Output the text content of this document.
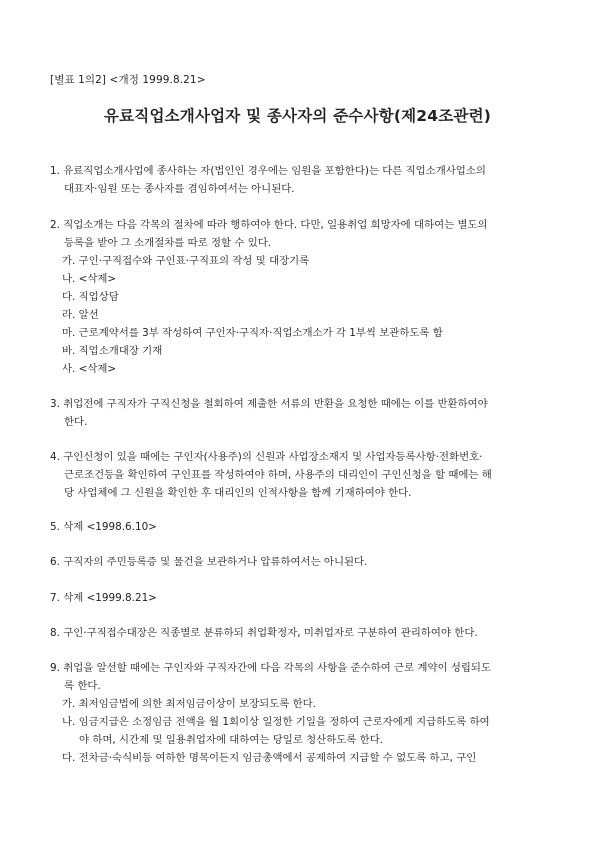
[별표 1의2] <개정 1999.8.21>
유료직업소개사업자 및 종사자의 준수사항(제24조관련)
1. 유료직업소개사업에 종사하는 자(법인인 경우에는 임원을 포함한다)는 다른 직업소개사업소의
대표자·임원 또는 종사자를 겸임하여서는 아니된다.
2. 직업소개는 다음 각목의 절차에 따라 행하여야 한다. 다만, 일용취업 희망자에 대하여는 별도의
등록을 받아 그 소개절차를 따로 정할 수 있다.
가. 구인·구직접수와 구인표·구직표의 작성 및 대장기록
나. <삭제>
다. 직업상담
라. 알선
마. 근로계약서를 3부 작성하여 구인자·구직자·직업소개소가 각 1부씩 보관하도록 함
바. 직업소개대장 기재
사. <삭제>
3. 취업전에 구직자가 구직신청을 철회하여 제출한 서류의 반환을 요청한 때에는 이를 반환하여야
한다.
4. 구인신청이 있을 때에는 구인자(사용주)의 신원과 사업장소재지 및 사업자등록사항·전화번호·
근로조건등을 확인하여 구인표를 작성하여야 하며, 사용주의 대리인이 구인신청을 할 때에는 해
당 사업체에 그 신원을 확인한 후 대리인의 인적사항을 함께 기재하여야 한다.
5. 삭제 <1998.6.10>
6. 구직자의 주민등록증 및 물건을 보관하거나 압류하여서는 아니된다.
7. 삭제 <1999.8.21>
8. 구인·구직접수대장은 직종별로 분류하되 취업확정자, 미취업자로 구분하여 관리하여야 한다.
9. 취업을 알선할 때에는 구인자와 구직자간에 다음 각목의 사항을 준수하여 근로 계약이 성립되도
록 한다.
가. 최저임금법에 의한 최저임금이상이 보장되도록 한다.
나. 임금지급은 소정임금 전액을 월 1회이상 일정한 기일을 정하여 근로자에게 지급하도록 하여
야 하며, 시간제 및 일용취업자에 대하여는 당일로 청산하도록 한다.
다. 전차금·숙식비등 여하한 명목이든지 임금총액에서 공제하여 지급할 수 없도록 하고, 구인
